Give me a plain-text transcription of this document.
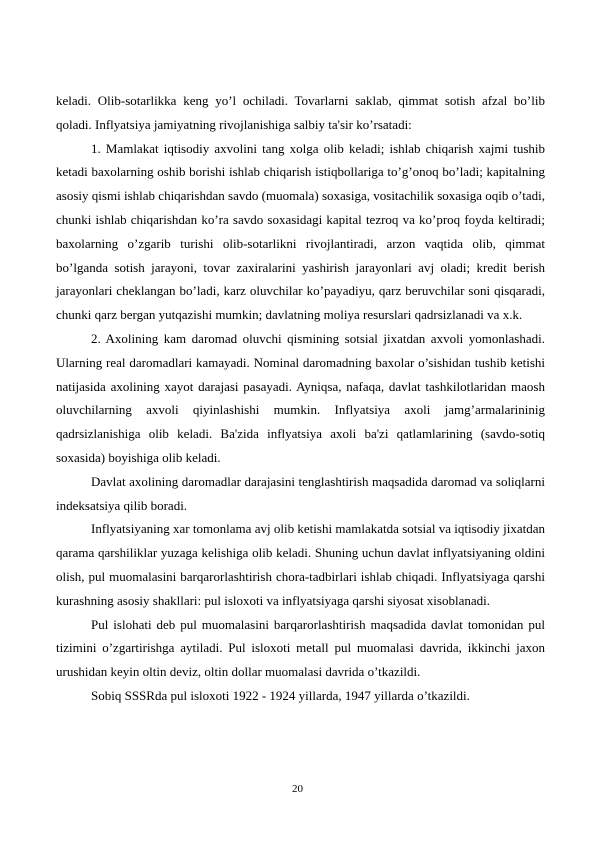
keladi. Olib-sotarlikka keng yo’l ochiladi. Tovarlarni saklab, qimmat sotish afzal bo’lib qoladi. Inflyatsiya jamiyatning rivojlanishiga salbiy ta'sir ko’rsatadi:

1. Mamlakat iqtisodiy axvolini tang xolga olib keladi; ishlab chiqarish xajmi tushib ketadi baxolarning oshib borishi ishlab chiqarish istiqbollariga to’g’onoq bo’ladi; kapitalning asosiy qismi ishlab chiqarishdan savdo (muomala) soxasiga, vositachilik soxasiga oqib o’tadi, chunki ishlab chiqarishdan ko’ra savdo soxasidagi kapital tezroq va ko’proq foyda keltiradi; baxolarning o’zgarib turishi olib-sotarlikni rivojlantiradi, arzon vaqtida olib, qimmat bo’lganda sotish jarayoni, tovar zaxiralarini yashirish jarayonlari avj oladi; kredit berish jarayonlari cheklangan bo’ladi, karz oluvchilar ko’payadiyu, qarz beruvchilar soni qisqaradi, chunki qarz bergan yutqazishi mumkin; davlatning moliya resurslari qadrsizlanadi va x.k.

2. Axolining kam daromad oluvchi qismining sotsial jixatdan axvoli yomonlashadi. Ularning real daromadlari kamayadi. Nominal daromadning baxolar o’sishidan tushib ketishi natijasida axolining xayot darajasi pasayadi. Ayniqsa, nafaqa, davlat tashkilotlaridan maosh oluvchilarning axvoli qiyinlashishi mumkin. Inflyatsiya axoli jamg’armalarininig qadrsizlanishiga olib keladi. Ba'zida inflyatsiya axoli ba'zi qatlamlarining (savdo-sotiq soxasida) boyishiga olib keladi.

Davlat axolining daromadlar darajasini tenglashtirish maqsadida daromad va soliqlarni indeksatsiya qilib boradi.

Inflyatsiyaning xar tomonlama avj olib ketishi mamlakatda sotsial va iqtisodiy jixatdan qarama qarshiliklar yuzaga kelishiga olib keladi. Shuning uchun davlat inflyatsiyaning oldini olish, pul muomalasini barqarorlashtirish chora-tadbirlari ishlab chiqadi. Inflyatsiyaga qarshi kurashning asosiy shakllari: pul isloxoti va inflyatsiyaga qarshi siyosat xisoblanadi.

Pul islohati deb pul muomalasini barqarorlashtirish maqsadida davlat tomonidan pul tizimini o’zgartirishga aytiladi. Pul isloxoti metall pul muomalasi davrida, ikkinchi jaxon urushidan keyin oltin deviz, oltin dollar muomalasi davrida o’tkazildi.

Sobiq SSSRda pul isloxoti 1922 - 1924 yillarda, 1947 yillarda o’tkazildi.

20
